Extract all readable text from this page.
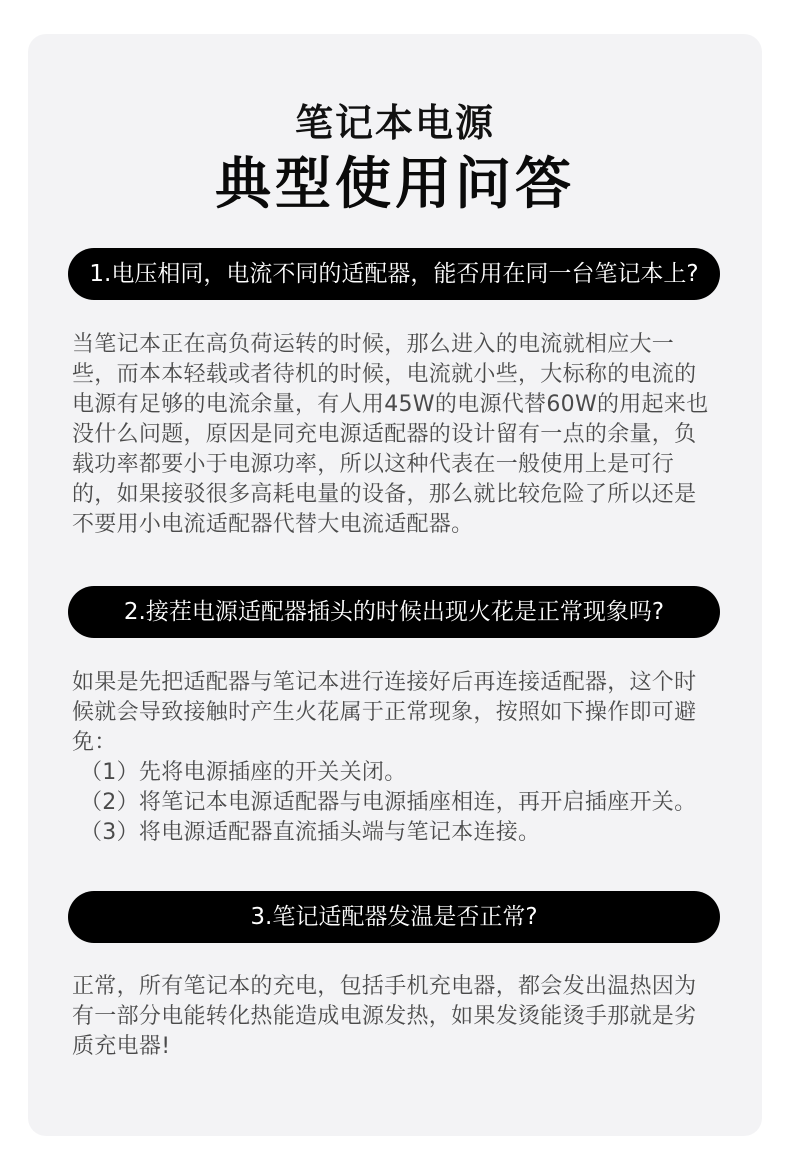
笔记本电源
典型使用问答
1.电压相同，电流不同的适配器，能否用在同一台笔记本上?

当笔记本正在高负荷运转的时候，那么进入的电流就相应大一些，而本本轻载或者待机的时候，电流就小些，大标称的电流的电源有足够的电流余量，有人用45W的电源代替60W的用起来也没什么问题，原因是同充电源适配器的设计留有一点的余量，负载功率都要小于电源功率，所以这种代表在一般使用上是可行的，如果接驳很多高耗电量的设备，那么就比较危险了所以还是不要用小电流适配器代替大电流适配器。

2.接茬电源适配器插头的时候出现火花是正常现象吗?

如果是先把适配器与笔记本进行连接好后再连接适配器，这个时候就会导致接触时产生火花属于正常现象，按照如下操作即可避免：

（1）先将电源插座的开关关闭。
（2）将笔记本电源适配器与电源插座相连，再开启插座开关。
（3）将电源适配器直流插头端与笔记本连接。
3.笔记适配器发温是否正常?

正常，所有笔记本的充电，包括手机充电器，都会发出温热因为有一部分电能转化热能造成电源发热，如果发烫能烫手那就是劣质充电器!
